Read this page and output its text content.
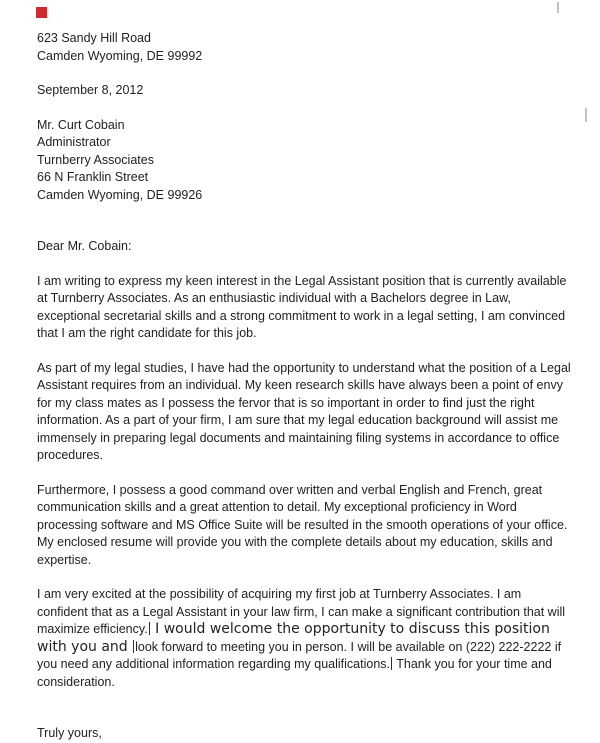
623 Sandy Hill Road
Camden Wyoming, DE 99992
September 8, 2012
Mr. Curt Cobain
Administrator
Turnberry Associates
66 N Franklin Street
Camden Wyoming, DE 99926
Dear Mr. Cobain:

I am writing to express my keen interest in the Legal Assistant position that is currently available at Turnberry Associates. As an enthusiastic individual with a Bachelors degree in Law, exceptional secretarial skills and a strong commitment to work in a legal setting, I am convinced that I am the right candidate for this job.

As part of my legal studies, I have had the opportunity to understand what the position of a Legal Assistant requires from an individual. My keen research skills have always been a point of envy for my class mates as I possess the fervor that is so important in order to find just the right information. As a part of your firm, I am sure that my legal education background will assist me immensely in preparing legal documents and maintaining filing systems in accordance to office procedures.

Furthermore, I possess a good command over written and verbal English and French, great communication skills and a great attention to detail. My exceptional proficiency in Word processing software and MS Office Suite will be resulted in the smooth operations of your office. My enclosed resume will provide you with the complete details about my education, skills and expertise.

I am very excited at the possibility of acquiring my first job at Turnberry Associates. I am confident that as a Legal Assistant in your law firm, I can make a significant contribution that will maximize efficiency. I would welcome the opportunity to discuss this position with you and look forward to meeting you in person. I will be available on (222) 222-2222 if you need any additional information regarding my qualifications. Thank you for your time and consideration.

Truly yours,
